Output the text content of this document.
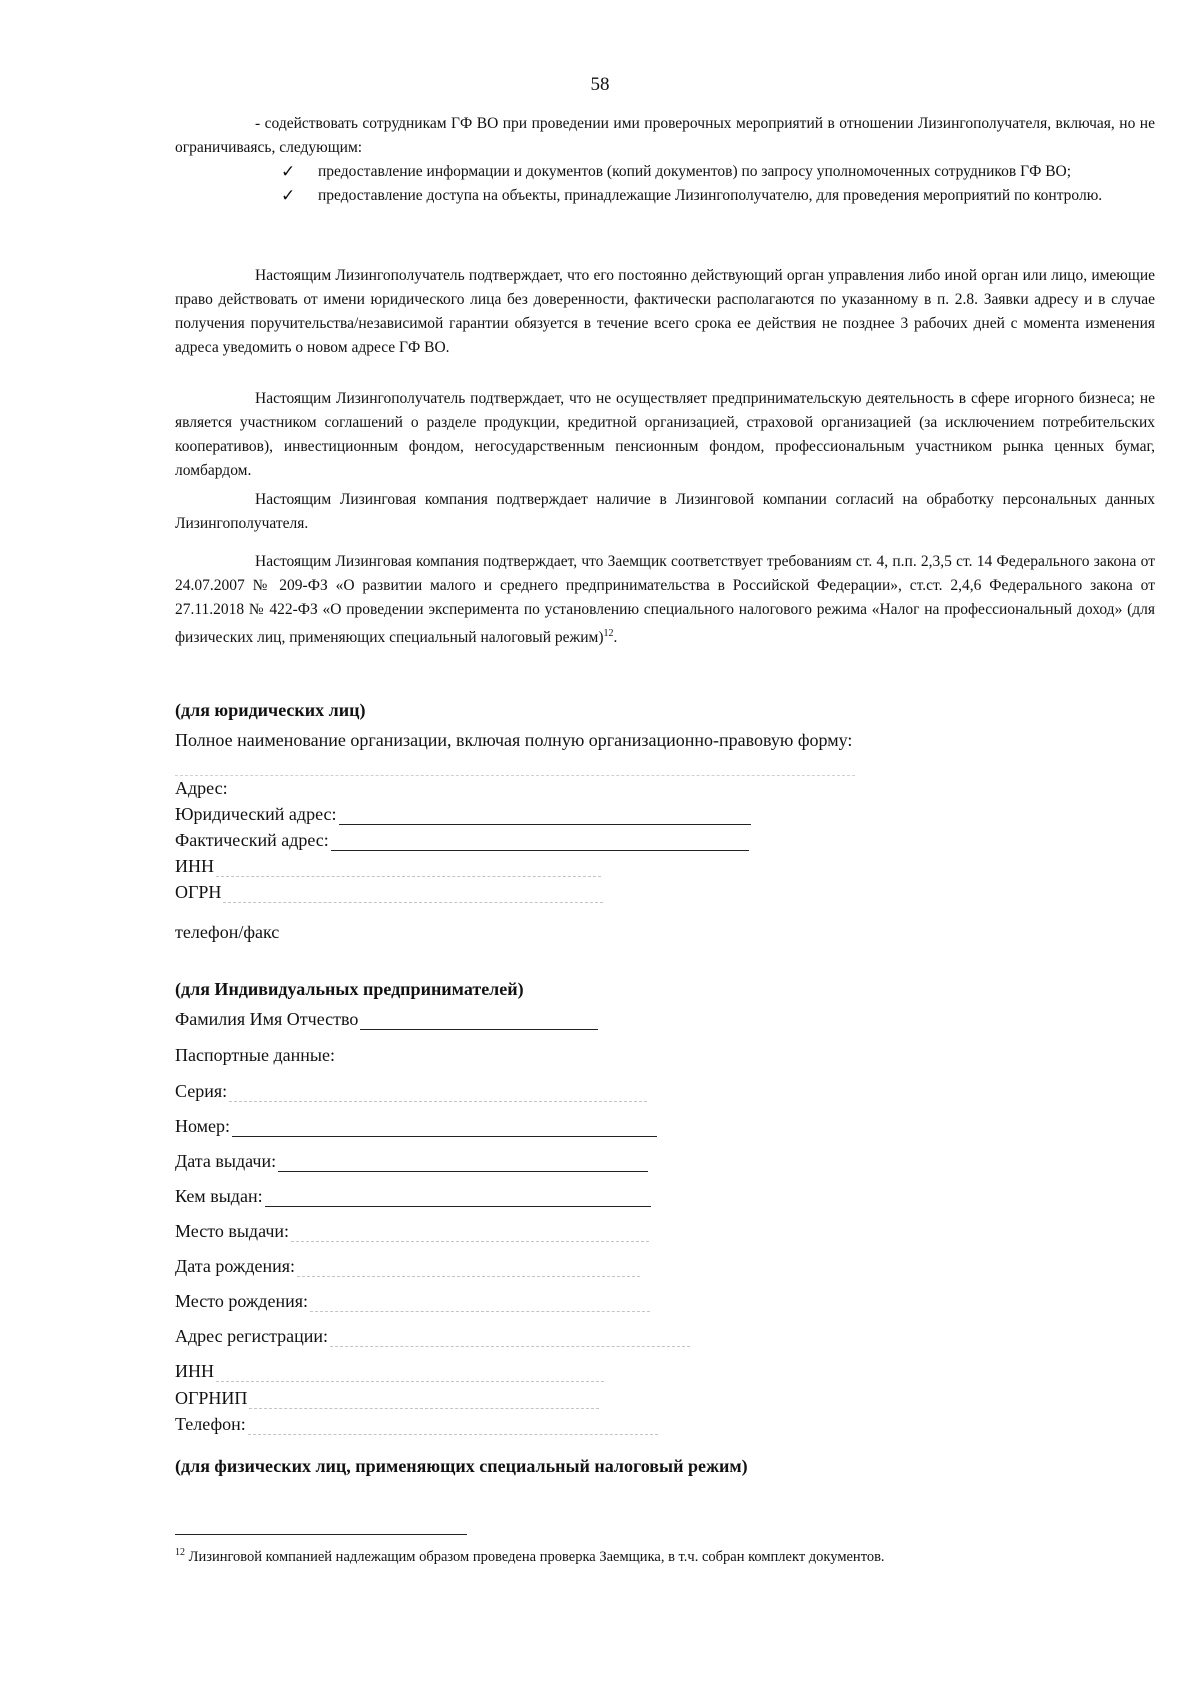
58
- содействовать сотрудникам ГФ ВО при проведении ими проверочных мероприятий в отношении Лизингополучателя, включая, но не ограничиваясь, следующим:
✓ предоставление информации и документов (копий документов) по запросу уполномоченных сотрудников ГФ ВО;
✓ предоставление доступа на объекты, принадлежащие Лизингополучателю, для проведения мероприятий по контролю.
Настоящим Лизингополучатель подтверждает, что его постоянно действующий орган управления либо иной орган или лицо, имеющие право действовать от имени юридического лица без доверенности, фактически располагаются по указанному в п. 2.8. Заявки адресу и в случае получения поручительства/независимой гарантии обязуется в течение всего срока ее действия не позднее 3 рабочих дней с момента изменения адреса уведомить о новом адресе ГФ ВО.
Настоящим Лизингополучатель подтверждает, что не осуществляет предпринимательскую деятельность в сфере игорного бизнеса; не является участником соглашений о разделе продукции, кредитной организацией, страховой организацией (за исключением потребительских кооперативов), инвестиционным фондом, негосударственным пенсионным фондом, профессиональным участником рынка ценных бумаг, ломбардом.
Настоящим Лизинговая компания подтверждает наличие в Лизинговой компании согласий на обработку персональных данных Лизингополучателя.
Настоящим Лизинговая компания подтверждает, что Заемщик соответствует требованиям ст. 4, п.п. 2,3,5 ст. 14 Федерального закона от 24.07.2007 № 209-ФЗ «О развитии малого и среднего предпринимательства в Российской Федерации», ст.ст. 2,4,6 Федерального закона от 27.11.2018 № 422-ФЗ «О проведении эксперимента по установлению специального налогового режима «Налог на профессиональный доход» (для физических лиц, применяющих специальный налоговый режим)$^{12}$.
(для юридических лиц)
Полное наименование организации, включая полную организационно-правовую форму:
Адрес:
Юридический адрес:
Фактический адрес:
ИНН
ОГРН
телефон/факс
(для Индивидуальных предпринимателей)
Фамилия Имя Отчество
Паспортные данные:
Серия:
Номер:
Дата выдачи:
Кем выдан:
Место выдачи:
Дата рождения:
Место рождения:
Адрес регистрации:
ИНН
ОГРНИП
Телефон:
(для физических лиц, применяющих специальный налоговый режим)
$^{12}$ Лизинговой компанией надлежащим образом проведена проверка Заемщика, в т.ч. собран комплект документов.
